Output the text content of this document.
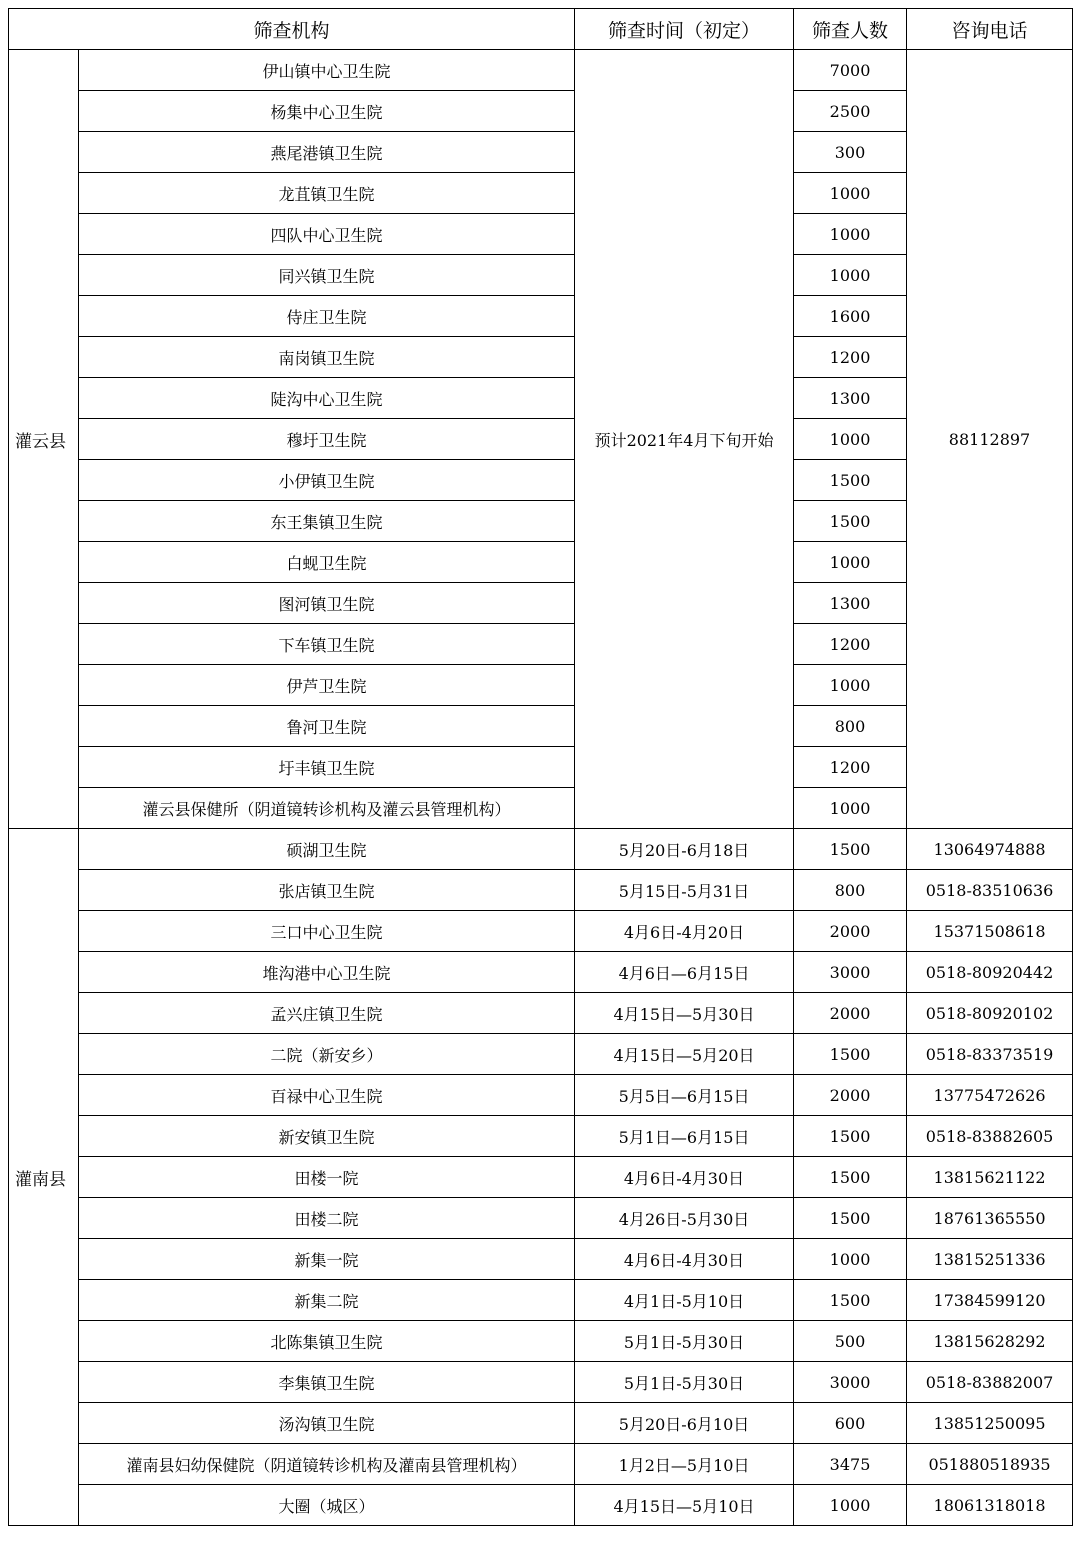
筛查机构		筛查时间（初定）	筛查人数	咨询电话
灌云县	伊山镇中心卫生院	预计2021年4月下旬开始	7000	88112897
	杨集中心卫生院		2500	
	燕尾港镇卫生院		300	
	龙苴镇卫生院		1000	
	四队中心卫生院		1000	
	同兴镇卫生院		1000	
	侍庄卫生院		1600	
	南岗镇卫生院		1200	
	陡沟中心卫生院		1300	
	穆圩卫生院		1000	
	小伊镇卫生院		1500	
	东王集镇卫生院		1500	
	白蚬卫生院		1000	
	图河镇卫生院		1300	
	下车镇卫生院		1200	
	伊芦卫生院		1000	
	鲁河卫生院		800	
	圩丰镇卫生院		1200	
	灌云县保健所（阴道镜转诊机构及灌云县管理机构）		1000	
灌南县	硕湖卫生院	5月20日-6月18日	1500	13064974888
	张店镇卫生院	5月15日-5月31日	800	0518-83510636
	三口中心卫生院	4月6日-4月20日	2000	15371508618
	堆沟港中心卫生院	4月6日—6月15日	3000	0518-80920442
	孟兴庄镇卫生院	4月15日—5月30日	2000	0518-80920102
	二院（新安乡）	4月15日—5月20日	1500	0518-83373519
	百禄中心卫生院	5月5日—6月15日	2000	13775472626
	新安镇卫生院	5月1日—6月15日	1500	0518-83882605
	田楼一院	4月6日-4月30日	1500	13815621122
	田楼二院	4月26日-5月30日	1500	18761365550
	新集一院	4月6日-4月30日	1000	13815251336
	新集二院	4月1日-5月10日	1500	17384599120
	北陈集镇卫生院	5月1日-5月30日	500	13815628292
	李集镇卫生院	5月1日-5月30日	3000	0518-83882007
	汤沟镇卫生院	5月20日-6月10日	600	13851250095
	灌南县妇幼保健院（阴道镜转诊机构及灌南县管理机构）	1月2日—5月10日	3475	051880518935
	大圈（城区）	4月15日—5月10日	1000	18061318018
